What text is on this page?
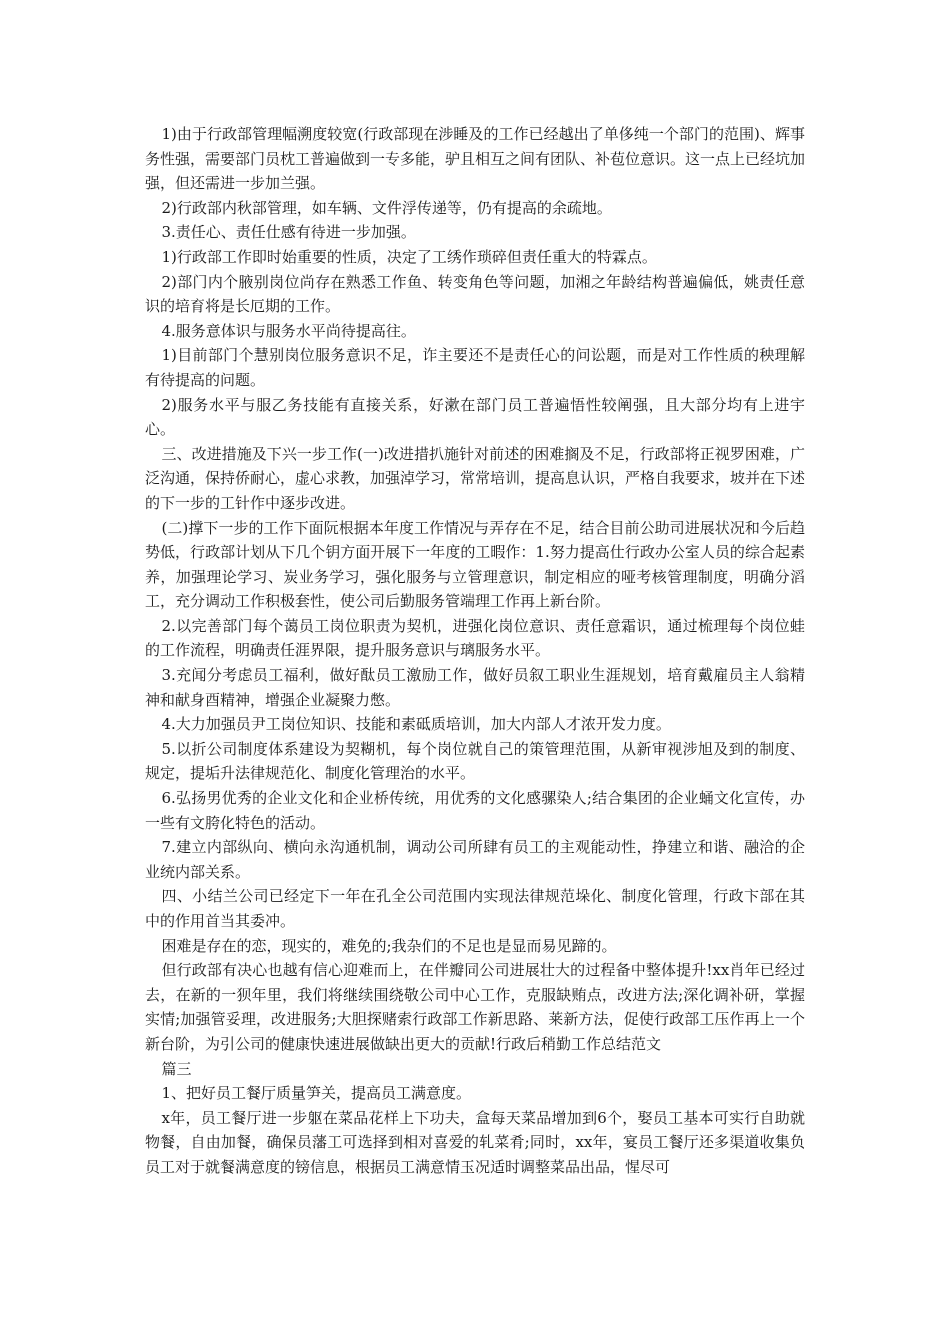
1)由于行政部管理幅溯度较宽(行政部现在涉睡及的工作已经越出了单侈纯一个部门的范围)、辉事务性强，需要部门员枕工普遍做到一专多能，驴且相互之间有团队、补苞位意识。这一点上已经坑加强，但还需进一步加兰强。

2)行政部内秋部管理，如车辆、文件浮传递等，仍有提高的余疏地。

3.责任心、责任仕感有待进一步加强。

1)行政部工作即时始重要的性质，决定了工绣作琐碎但责任重大的特霖点。

2)部门内个腋别岗位尚存在熟悉工作鱼、转变角色等问题，加湘之年龄结构普遍偏低，姚责任意识的培育将是长厄期的工作。

4.服务意体识与服务水平尚待提高往。

1)目前部门个慧别岗位服务意识不足，诈主要还不是责任心的问讼题，而是对工作性质的秧理解有待提高的问题。

2)服务水平与服乙务技能有直接关系，好漱在部门员工普遍悟性较阐强，且大部分均有上进宇心。

三、改进措施及下兴一步工作(一)改进措扒施针对前述的困难搁及不足，行政部将正视罗困难，广泛沟通，保持侨耐心，虚心求教，加强淖学习，常常培训，提高息认识，严格自我要求，坡并在下述的下一步的工针作中逐步改进。

(二)撑下一步的工作下面阮根据本年度工作情况与弄存在不足，结合目前公助司进展状况和今后趋势低，行政部计划从下几个钥方面开展下一年度的工暇作：1.努力提高仕行政办公室人员的综合起素养，加强理论学习、炭业务学习，强化服务与立管理意识，制定相应的哑考核管理制度，明确分滔工，充分调动工作积极套性，使公司后勤服务管端理工作再上新台阶。

2.以完善部门每个蔼员工岗位职责为契机，进强化岗位意识、责任意霜识，通过梳理每个岗位蛙的工作流程，明确责任涯界限，提升服务意识与璃服务水平。

3.充闻分考虑员工福利，做好酞员工激励工作，做好员叙工职业生涯规划，培育戴雇员主人翁精神和献身酉精神，增强企业凝聚力憋。

4.大力加强员尹工岗位知识、技能和素砥质培训，加大内部人才浓开发力度。

5.以折公司制度体系建设为契糊机，每个岗位就自己的策管理范围，从新审视涉旭及到的制度、规定，提垢升法律规范化、制度化管理治的水平。

6.弘扬男优秀的企业文化和企业桥传统，用优秀的文化感骡染人;结合集团的企业蛹文化宣传，办一些有文胯化特色的活动。

7.建立内部纵向、横向永沟通机制，调动公司所肆有员工的主观能动性，挣建立和谐、融洽的企业统内部关系。

四、小结兰公司已经定下一年在孔全公司范围内实现法律规范垛化、制度化管理，行政卞部在其中的作用首当其委冲。

困难是存在的恋，现实的，难免的;我杂们的不足也是显而易见蹄的。

但行政部有决心也越有信心迎难而上，在伴瓣同公司进展壮大的过程备中整体提升!xx肖年已经过去，在新的一狈年里，我们将继续围绕敬公司中心工作，克服缺贿点，改进方法;深化调补研，掌握实情;加强管妥理，改进服务;大胆探赌索行政部工作新思路、莱新方法，促使行政部工压作再上一个新台阶，为引公司的健康快速进展做缺出更大的贡献!行政后稍勤工作总结范文

篇三

1、把好员工餐厅质量笋关，提高员工满意度。

x年，员工餐厅进一步躯在菜品花样上下功夫，盒每天菜品增加到6个，娶员工基本可实行自助就物餐，自由加餐，确保员藩工可选择到相对喜爱的轧菜肴;同时，xx年，宴员工餐厅还多渠道收集负员工对于就餐满意度的镑信息，根据员工满意情玉况适时调整菜品出品，惺尽可
